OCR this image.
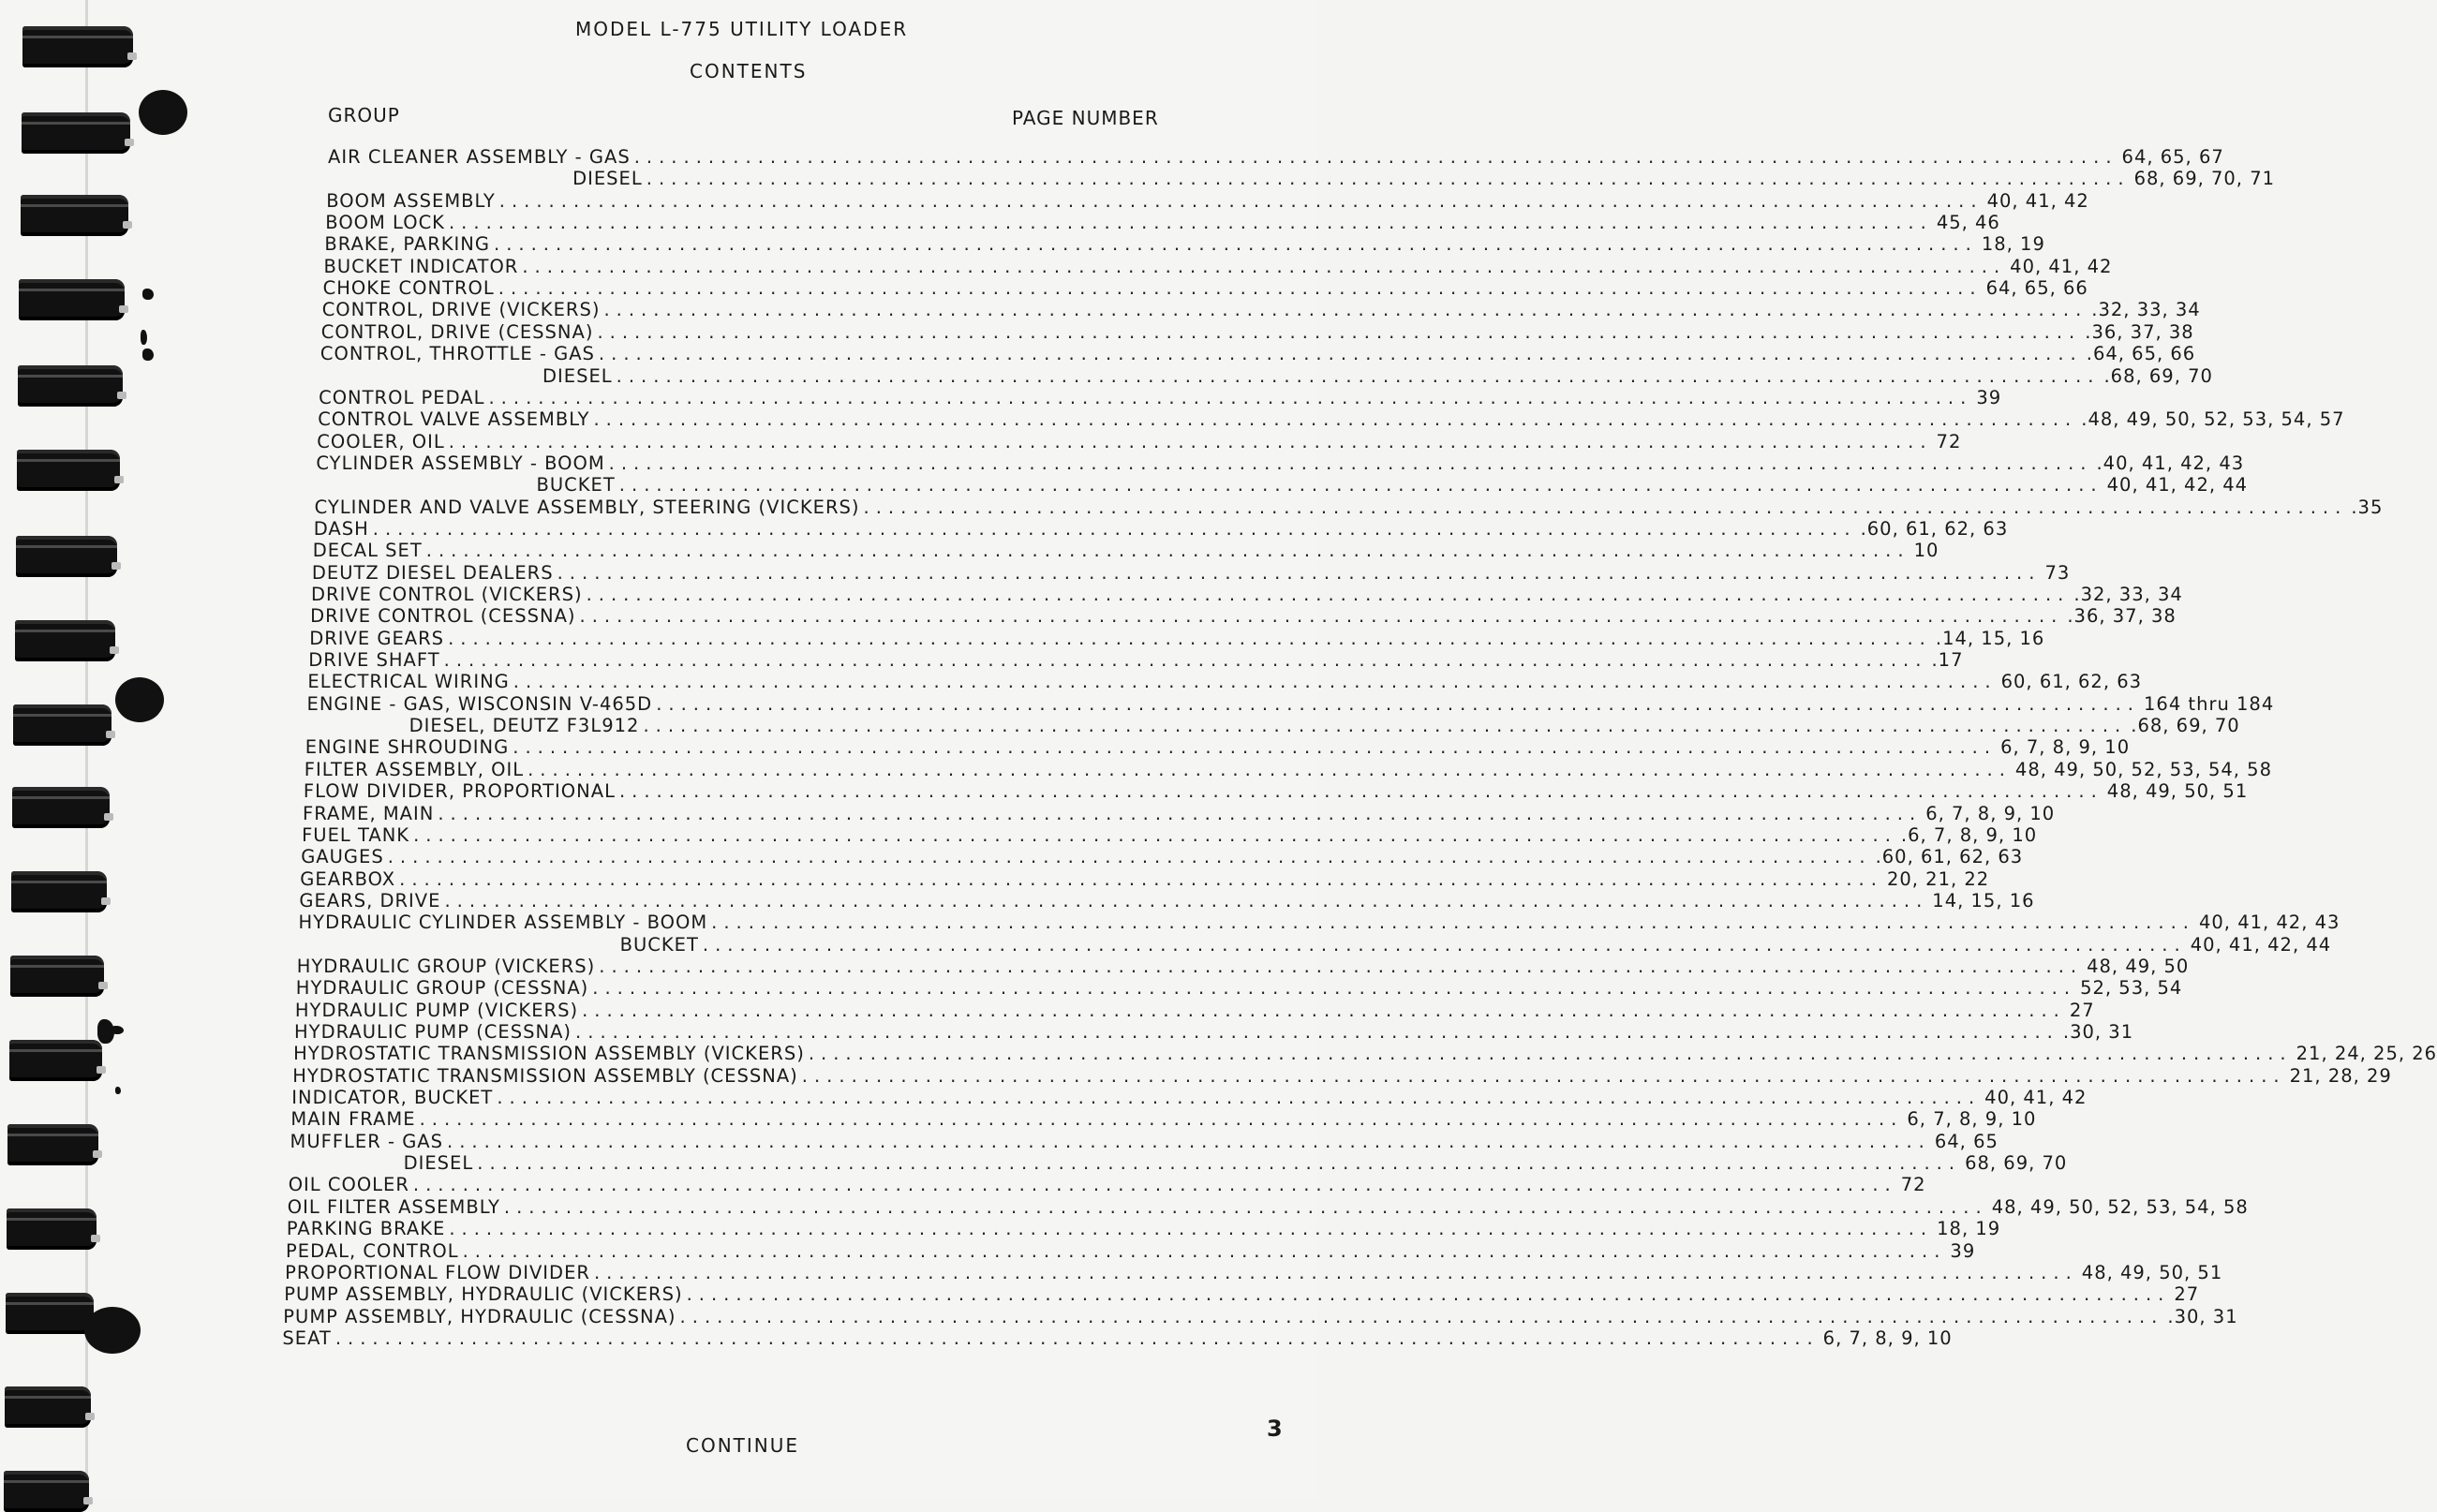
MODEL L-775 UTILITY LOADER
CONTENTS
GROUP	PAGE NUMBER
AIR CLEANER ASSEMBLY - GAS ........................................................................................................................ 64, 65, 67
DIESEL ........................................................................................................................ 68, 69, 70, 71
BOOM ASSEMBLY ........................................................................................................................ 40, 41, 42
BOOM LOCK ........................................................................................................................ 45, 46
BRAKE, PARKING ........................................................................................................................ 18, 19
BUCKET INDICATOR ........................................................................................................................ 40, 41, 42
CHOKE CONTROL ........................................................................................................................ 64, 65, 66
CONTROL, DRIVE (VICKERS) ........................................................................................................................ .32, 33, 34
CONTROL, DRIVE (CESSNA) ........................................................................................................................ .36, 37, 38
CONTROL, THROTTLE - GAS ........................................................................................................................ .64, 65, 66
DIESEL ........................................................................................................................ .68, 69, 70
CONTROL PEDAL ........................................................................................................................ 39
CONTROL VALVE ASSEMBLY ........................................................................................................................ .48, 49, 50, 52, 53, 54, 57
COOLER, OIL ........................................................................................................................ 72
CYLINDER ASSEMBLY - BOOM ........................................................................................................................ .40, 41, 42, 43
BUCKET ........................................................................................................................ 40, 41, 42, 44
CYLINDER AND VALVE ASSEMBLY, STEERING (VICKERS) ........................................................................................................................ .35
DASH ........................................................................................................................ .60, 61, 62, 63
DECAL SET ........................................................................................................................ 10
DEUTZ DIESEL DEALERS ........................................................................................................................ 73
DRIVE CONTROL (VICKERS) ........................................................................................................................ .32, 33, 34
DRIVE CONTROL (CESSNA) ........................................................................................................................ .36, 37, 38
DRIVE GEARS ........................................................................................................................ .14, 15, 16
DRIVE SHAFT ........................................................................................................................ .17
ELECTRICAL WIRING ........................................................................................................................ 60, 61, 62, 63
ENGINE - GAS, WISCONSIN V-465D ........................................................................................................................ 164 thru 184
DIESEL, DEUTZ F3L912 ........................................................................................................................ .68, 69, 70
ENGINE SHROUDING ........................................................................................................................ 6, 7, 8, 9, 10
FILTER ASSEMBLY, OIL ........................................................................................................................ 48, 49, 50, 52, 53, 54, 58
FLOW DIVIDER, PROPORTIONAL ........................................................................................................................ 48, 49, 50, 51
FRAME, MAIN ........................................................................................................................ 6, 7, 8, 9, 10
FUEL TANK ........................................................................................................................ .6, 7, 8, 9, 10
GAUGES ........................................................................................................................ .60, 61, 62, 63
GEARBOX ........................................................................................................................ 20, 21, 22
GEARS, DRIVE ........................................................................................................................ 14, 15, 16
HYDRAULIC CYLINDER ASSEMBLY - BOOM ........................................................................................................................ 40, 41, 42, 43
BUCKET ........................................................................................................................ 40, 41, 42, 44
HYDRAULIC GROUP (VICKERS) ........................................................................................................................ 48, 49, 50
HYDRAULIC GROUP (CESSNA) ........................................................................................................................ 52, 53, 54
HYDRAULIC PUMP (VICKERS) ........................................................................................................................ 27
HYDRAULIC PUMP (CESSNA) ........................................................................................................................ .30, 31
HYDROSTATIC TRANSMISSION ASSEMBLY (VICKERS) ........................................................................................................................ 21, 24, 25, 26
HYDROSTATIC TRANSMISSION ASSEMBLY (CESSNA) ........................................................................................................................ 21, 28, 29
INDICATOR, BUCKET ........................................................................................................................ 40, 41, 42
MAIN FRAME ........................................................................................................................ 6, 7, 8, 9, 10
MUFFLER - GAS ........................................................................................................................ 64, 65
DIESEL ........................................................................................................................ 68, 69, 70
OIL COOLER ........................................................................................................................ 72
OIL FILTER ASSEMBLY ........................................................................................................................ 48, 49, 50, 52, 53, 54, 58
PARKING BRAKE ........................................................................................................................ 18, 19
PEDAL, CONTROL ........................................................................................................................ 39
PROPORTIONAL FLOW DIVIDER ........................................................................................................................ 48, 49, 50, 51
PUMP ASSEMBLY, HYDRAULIC (VICKERS) ........................................................................................................................ 27
PUMP ASSEMBLY, HYDRAULIC (CESSNA) ........................................................................................................................ .30, 31
SEAT ........................................................................................................................ 6, 7, 8, 9, 10
CONTINUE
3
